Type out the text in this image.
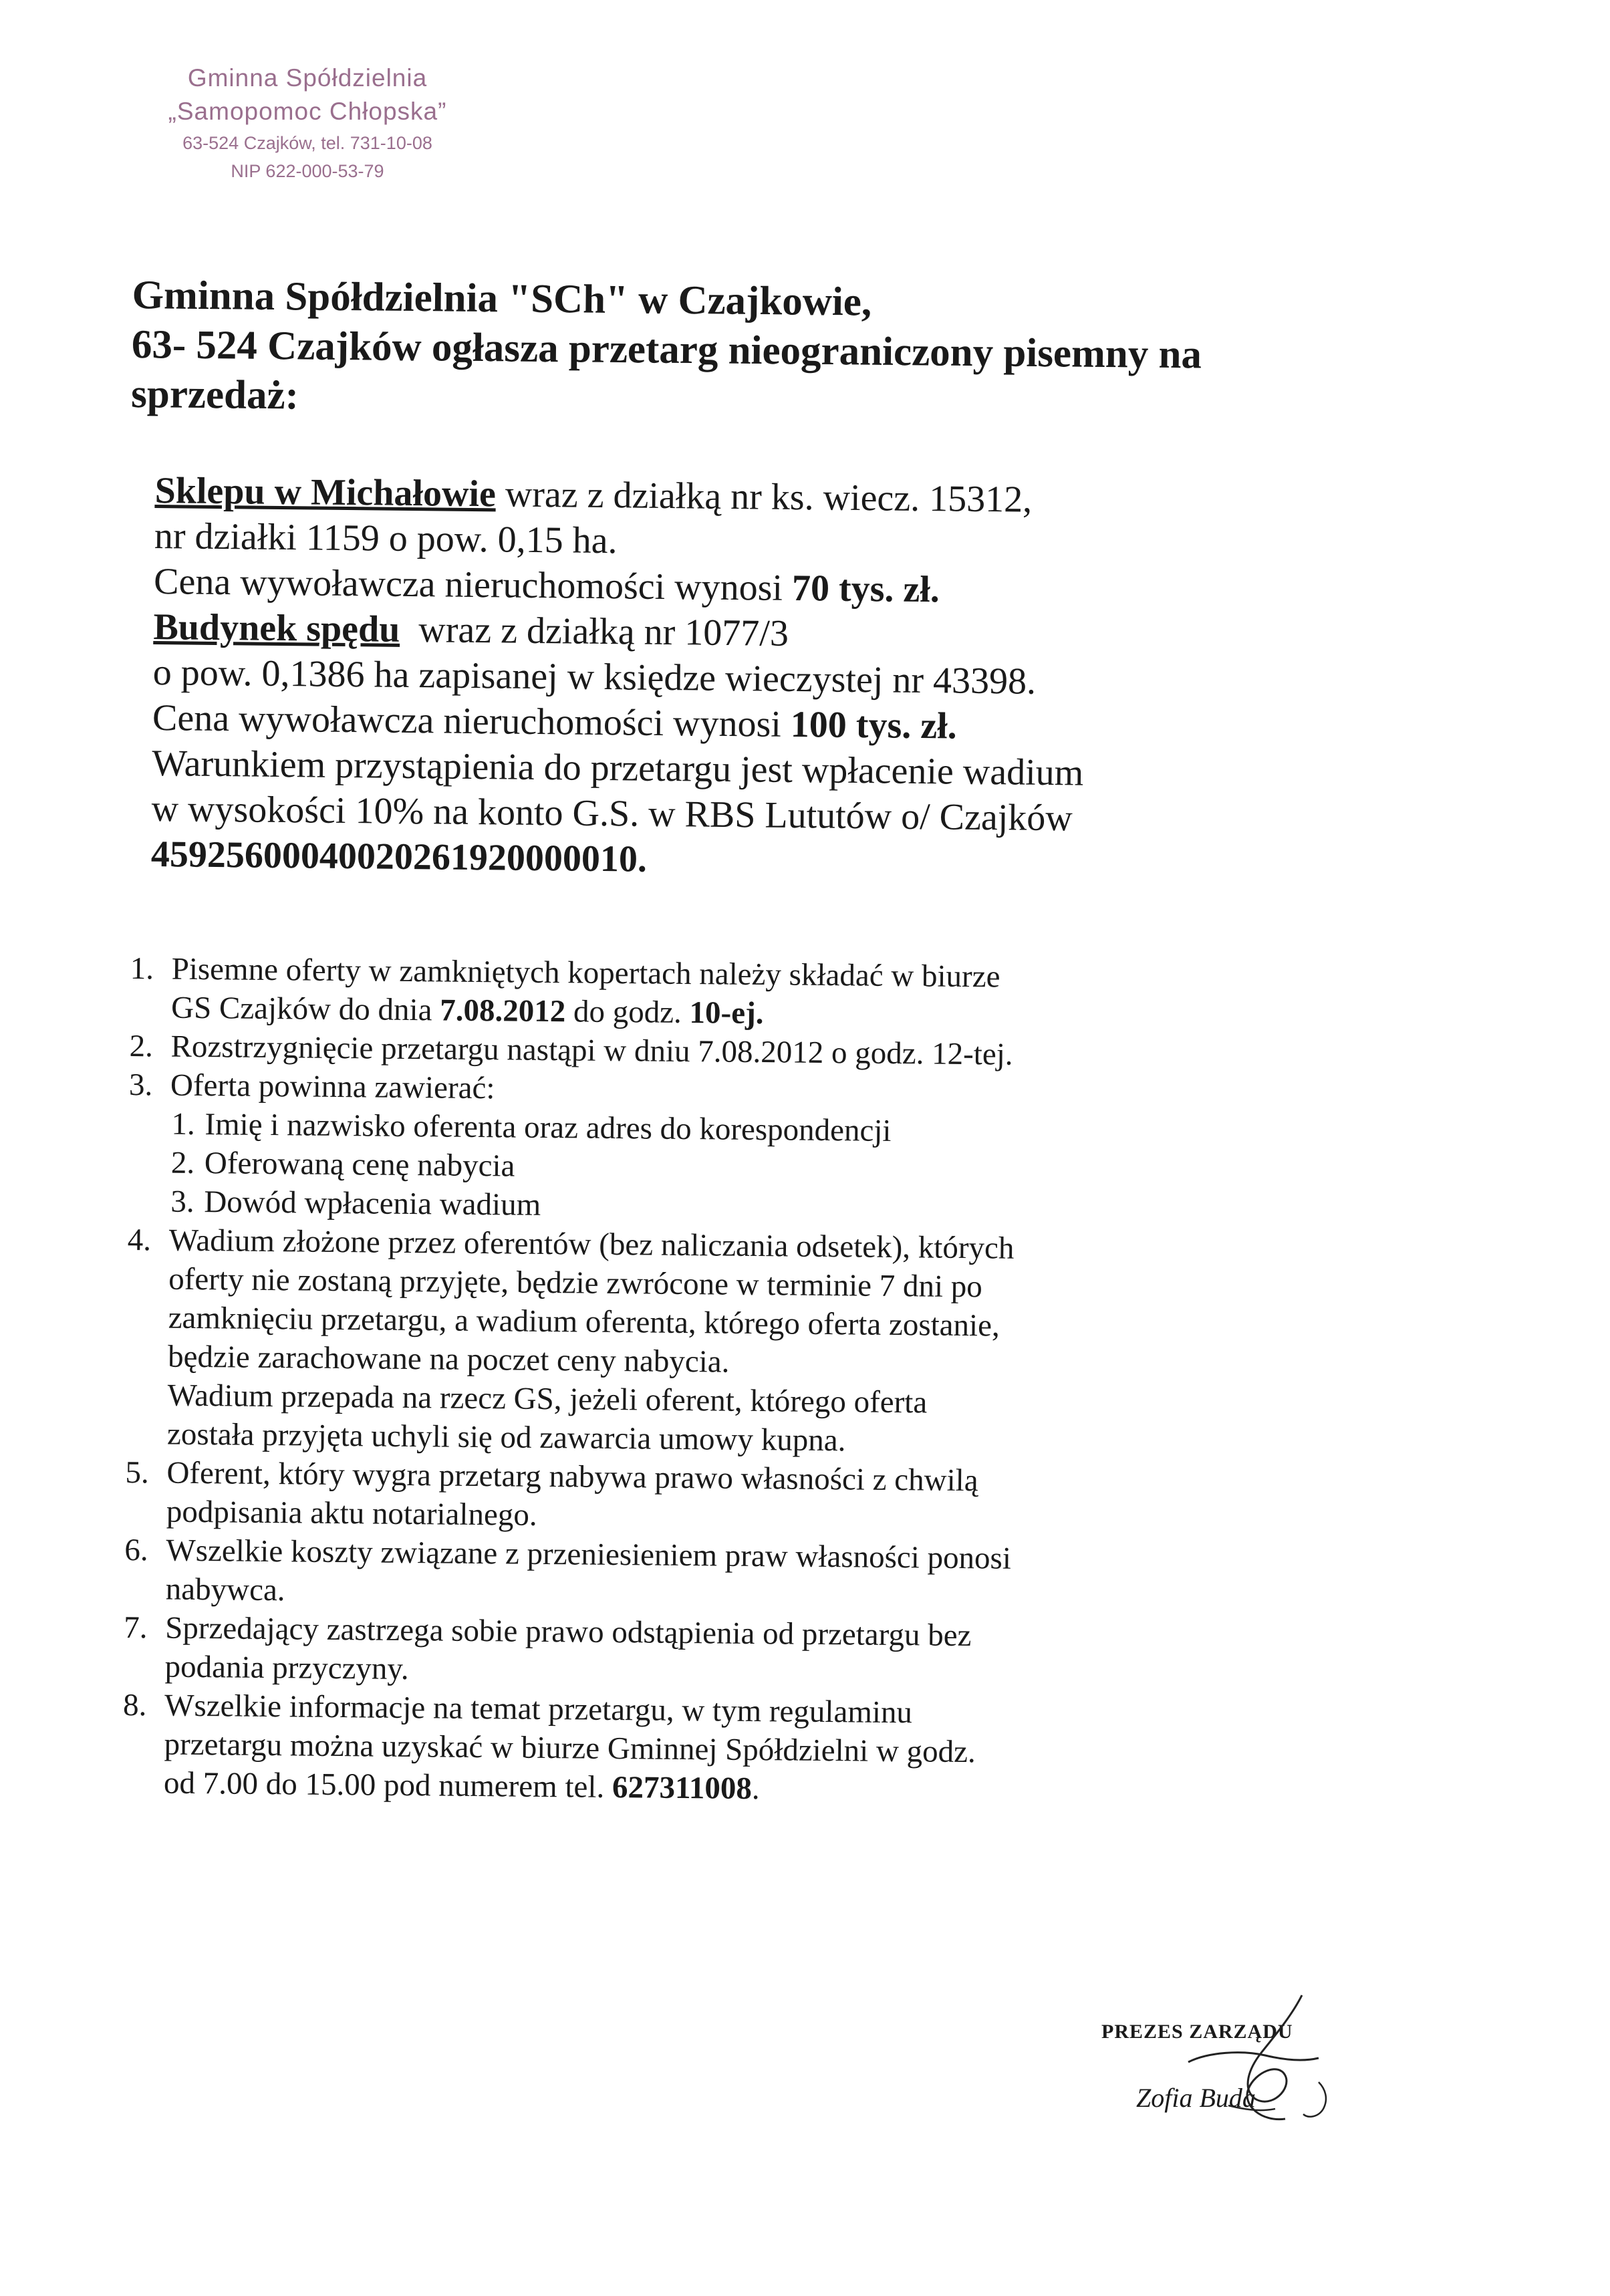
Gminna Spółdzielnia
„Samopomoc Chłopska”
63-524 Czajków, tel. 731-10-08
NIP 622-000-53-79
Gminna Spółdzielnia "SCh" w Czajkowie,
63- 524 Czajków ogłasza przetarg nieograniczony pisemny na
sprzedaż:
Sklepu w Michałowie wraz z działką nr ks. wiecz. 15312,
nr działki 1159 o pow. 0,15 ha.
Cena wywoławcza nieruchomości wynosi 70 tys. zł.
Budynek spędu  wraz z działką nr 1077/3
o pow. 0,1386 ha zapisanej w księdze wieczystej nr 43398.
Cena wywoławcza nieruchomości wynosi 100 tys. zł.
Warunkiem przystąpienia do przetargu jest wpłacenie wadium
w wysokości 10% na konto G.S. w RBS Lututów o/ Czajków
45925600040020261920000010.
1. Pisemne oferty w zamkniętych kopertach należy składać w biurze
GS Czajków do dnia 7.08.2012 do godz. 10-ej.
2. Rozstrzygnięcie przetargu nastąpi w dniu 7.08.2012 o godz. 12-tej.
3. Oferta powinna zawierać:
1. Imię i nazwisko oferenta oraz adres do korespondencji
2. Oferowaną cenę nabycia
3. Dowód wpłacenia wadium
4. Wadium złożone przez oferentów (bez naliczania odsetek), których
oferty nie zostaną przyjęte, będzie zwrócone w terminie 7 dni po
zamknięciu przetargu, a wadium oferenta, którego oferta zostanie,
będzie zarachowane na poczet ceny nabycia.
Wadium przepada na rzecz GS, jeżeli oferent, którego oferta
została przyjęta uchyli się od zawarcia umowy kupna.
5. Oferent, który wygra przetarg nabywa prawo własności z chwilą
podpisania aktu notarialnego.
6. Wszelkie koszty związane z przeniesieniem praw własności ponosi
nabywca.
7. Sprzedający zastrzega sobie prawo odstąpienia od przetargu bez
podania przyczyny.
8. Wszelkie informacje na temat przetargu, w tym regulaminu
przetargu można uzyskać w biurze Gminnej Spółdzielni w godz.
od 7.00 do 15.00 pod numerem tel. 627311008.
PREZES ZARZĄDU
Zofia Buda
